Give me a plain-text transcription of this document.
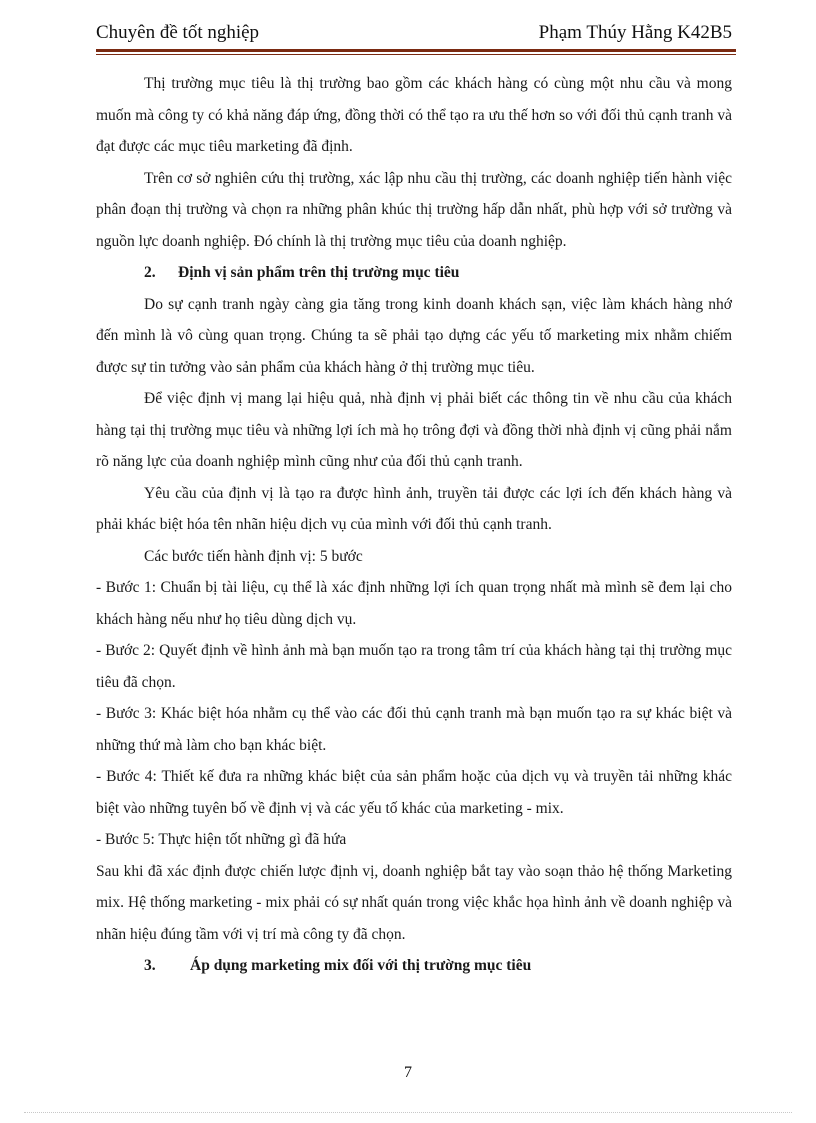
Chuyên đề tốt nghiệp	Phạm Thúy Hằng K42B5

Thị trường mục tiêu là thị trường bao gồm các khách hàng có cùng một nhu cầu và mong muốn mà công ty có khả năng đáp ứng, đồng thời có thể tạo ra ưu thế hơn so với đối thủ cạnh tranh và đạt được các mục tiêu marketing đã định.

Trên cơ sở nghiên cứu thị trường, xác lập nhu cầu thị trường, các doanh nghiệp tiến hành việc phân đoạn thị trường và chọn ra những phân khúc thị trường hấp dẫn nhất, phù hợp với sở trường và nguồn lực doanh nghiệp. Đó chính là thị trường mục tiêu của doanh nghiệp.

2. Định vị sản phẩm trên thị trường mục tiêu

Do sự cạnh tranh ngày càng gia tăng trong kinh doanh khách sạn, việc làm khách hàng nhớ đến mình là vô cùng quan trọng. Chúng ta sẽ phải tạo dựng các yếu tố marketing mix nhằm chiếm được sự tin tưởng vào sản phẩm của khách hàng ở thị trường mục tiêu.

Để việc định vị mang lại hiệu quả, nhà định vị phải biết các thông tin về nhu cầu của khách hàng tại thị trường mục tiêu và những lợi ích mà họ trông đợi và đồng thời nhà định vị cũng phải nắm rõ năng lực của doanh nghiệp mình cũng như của đối thủ cạnh tranh.

Yêu cầu của định vị là tạo ra được hình ảnh, truyền tải được các lợi ích đến khách hàng và phải khác biệt hóa tên nhãn hiệu dịch vụ của mình với đối thủ cạnh tranh.

Các bước tiến hành định vị: 5 bước

- Bước 1: Chuẩn bị tài liệu, cụ thể là xác định những lợi ích quan trọng nhất mà mình sẽ đem lại cho khách hàng nếu như họ tiêu dùng dịch vụ.

- Bước 2: Quyết định về hình ảnh mà bạn muốn tạo ra trong tâm trí của khách hàng tại thị trường mục tiêu đã chọn.

- Bước 3: Khác biệt hóa nhằm cụ thể vào các đối thủ cạnh tranh mà bạn muốn tạo ra sự khác biệt và những thứ mà làm cho bạn khác biệt.

- Bước 4: Thiết kế đưa ra những khác biệt của sản phẩm hoặc của dịch vụ và truyền tải những khác biệt vào những tuyên bố về định vị và các yếu tố khác của marketing - mix.

- Bước 5: Thực hiện tốt những gì đã hứa

Sau khi đã xác định được chiến lược định vị, doanh nghiệp bắt tay vào soạn thảo hệ thống Marketing mix. Hệ thống marketing - mix phải có sự nhất quán trong việc khắc họa hình ảnh về doanh nghiệp và nhãn hiệu đúng tầm với vị trí mà công ty đã chọn.

3. Áp dụng marketing mix đối với thị trường mục tiêu

7
